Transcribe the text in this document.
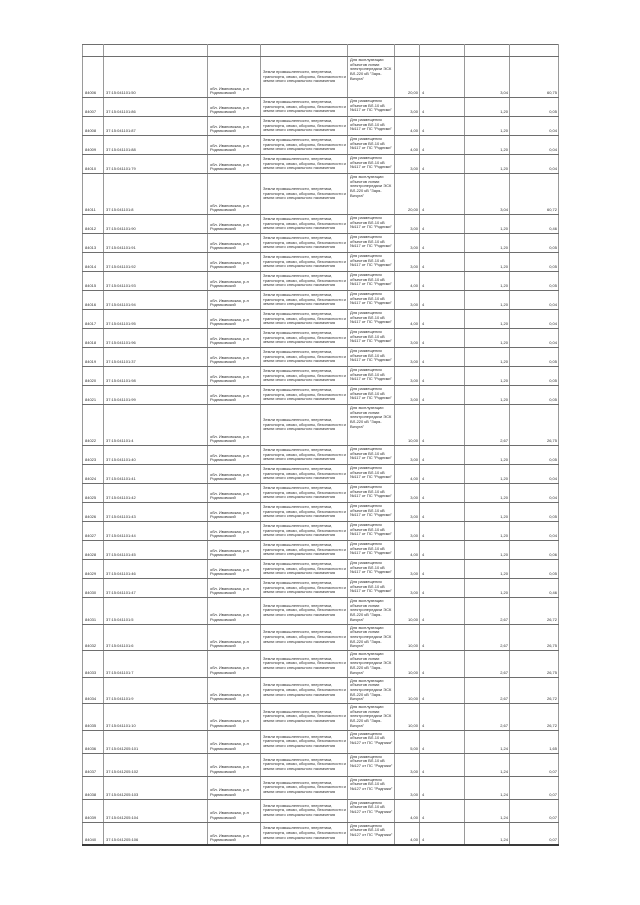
84006	37:15:041101:50	обл. Ивановская, р-н Родниковский	Земли промышленности, энергетики, транспорта, связи, обороны, безопасности и земли иного специального назначения	Для эксплуатации объектов линии электропередачи ЭСК ВЛ-220 кВ "Заря-Вичуга"	20,00	4	3,04	60,75
84007	37:15:041101:86	обл. Ивановская, р-н Родниковский	Земли промышленности, энергетики, транспорта, связи, обороны, безопасности и земли иного специального назначения	Для размещения объектов ВЛ-10 кВ №117 от ПС "Родники"	3,00	4	1,20	0,05
84008	37:15:041101:87	обл. Ивановская, р-н Родниковский	Земли промышленности, энергетики, транспорта, связи, обороны, безопасности и земли иного специального назначения	Для размещения объектов ВЛ-10 кВ №117 от ПС "Родники"	4,00	4	1,20	0,04
84009	37:15:041101:88	обл. Ивановская, р-н Родниковский	Земли промышленности, энергетики, транспорта, связи, обороны, безопасности и земли иного специального назначения	Для размещения объектов ВЛ-10 кВ №117 от ПС "Родники"	4,00	4	1,20	0,04
84010	37:15:041101:79	обл. Ивановская, р-н Родниковский	Земли промышленности, энергетики, транспорта, связи, обороны, безопасности и земли иного специального назначения	Для размещения объектов ВЛ-10 кВ №117 от ПС "Родники"	3,00	4	1,20	0,04
84011	37:15:041101:8	обл. Ивановская, р-н Родниковский	Земли промышленности, энергетики, транспорта, связи, обороны, безопасности и земли иного специального назначения	Для эксплуатации объектов линии электропередачи ЭСК ВЛ-220 кВ "Заря-Вичуга"	20,00	4	3,04	60,72
84012	37:15:041101:90	обл. Ивановская, р-н Родниковский	Земли промышленности, энергетики, транспорта, связи, обороны, безопасности и земли иного специального назначения	Для размещения объектов ВЛ-10 кВ №117 от ПС "Родники"	3,00	4	1,20	0,46
84013	37:15:041101:91	обл. Ивановская, р-н Родниковский	Земли промышленности, энергетики, транспорта, связи, обороны, безопасности и земли иного специального назначения	Для размещения объектов ВЛ-10 кВ №117 от ПС "Родники"	3,00	4	1,20	0,05
84014	37:15:041101:92	обл. Ивановская, р-н Родниковский	Земли промышленности, энергетики, транспорта, связи, обороны, безопасности и земли иного специального назначения	Для размещения объектов ВЛ-10 кВ №117 от ПС "Родники"	3,00	4	1,20	0,05
84015	37:15:041101:93	обл. Ивановская, р-н Родниковский	Земли промышленности, энергетики, транспорта, связи, обороны, безопасности и земли иного специального назначения	Для размещения объектов ВЛ-10 кВ №117 от ПС "Родники"	4,00	4	1,20	0,05
84016	37:15:041101:94	обл. Ивановская, р-н Родниковский	Земли промышленности, энергетики, транспорта, связи, обороны, безопасности и земли иного специального назначения	Для размещения объектов ВЛ-10 кВ №117 от ПС "Родники"	3,00	4	1,20	0,04
84017	37:15:041101:95	обл. Ивановская, р-н Родниковский	Земли промышленности, энергетики, транспорта, связи, обороны, безопасности и земли иного специального назначения	Для размещения объектов ВЛ-10 кВ №117 от ПС "Родники"	4,00	4	1,20	0,04
84018	37:15:041101:96	обл. Ивановская, р-н Родниковский	Земли промышленности, энергетики, транспорта, связи, обороны, безопасности и земли иного специального назначения	Для размещения объектов ВЛ-10 кВ №117 от ПС "Родники"	3,00	4	1,20	0,04
84019	37:15:041101:37	обл. Ивановская, р-н Родниковский	Земли промышленности, энергетики, транспорта, связи, обороны, безопасности и земли иного специального назначения	Для размещения объектов ВЛ-10 кВ №117 от ПС "Родники"	3,00	4	1,20	0,05
84020	37:15:041101:98	обл. Ивановская, р-н Родниковский	Земли промышленности, энергетики, транспорта, связи, обороны, безопасности и земли иного специального назначения	Для размещения объектов ВЛ-10 кВ №117 от ПС "Родники"	3,00	4	1,20	0,05
84021	37:15:041101:99	обл. Ивановская, р-н Родниковский	Земли промышленности, энергетики, транспорта, связи, обороны, безопасности и земли иного специального назначения	Для размещения объектов ВЛ-10 кВ №117 от ПС "Родники"	3,00	4	1,20	0,05
84022	37:15:041101:4	обл. Ивановская, р-н Родниковский	Земли промышленности, энергетики, транспорта, связи, обороны, безопасности и земли иного специального назначения	Для эксплуатации объектов линии электропередачи ЭСК ВЛ-220 кВ "Заря-Вичуга"	10,00	4	2,67	26,75
84023	37:15:041101:40	обл. Ивановская, р-н Родниковский	Земли промышленности, энергетики, транспорта, связи, обороны, безопасности и земли иного специального назначения	Для размещения объектов ВЛ-10 кВ №117 от ПС "Родники"	3,00	4	1,20	0,05
84024	37:15:041101:41	обл. Ивановская, р-н Родниковский	Земли промышленности, энергетики, транспорта, связи, обороны, безопасности и земли иного специального назначения	Для размещения объектов ВЛ-10 кВ №117 от ПС "Родники"	4,00	4	1,20	0,04
84025	37:15:041101:42	обл. Ивановская, р-н Родниковский	Земли промышленности, энергетики, транспорта, связи, обороны, безопасности и земли иного специального назначения	Для размещения объектов ВЛ-10 кВ №117 от ПС "Родники"	3,00	4	1,20	0,04
84026	37:15:041101:43	обл. Ивановская, р-н Родниковский	Земли промышленности, энергетики, транспорта, связи, обороны, безопасности и земли иного специального назначения	Для размещения объектов ВЛ-10 кВ №117 от ПС "Родники"	3,00	4	1,20	0,05
84027	37:15:041101:44	обл. Ивановская, р-н Родниковский	Земли промышленности, энергетики, транспорта, связи, обороны, безопасности и земли иного специального назначения	Для размещения объектов ВЛ-10 кВ №117 от ПС "Родники"	3,00	4	1,20	0,04
84028	37:15:041101:45	обл. Ивановская, р-н Родниковский	Земли промышленности, энергетики, транспорта, связи, обороны, безопасности и земли иного специального назначения	Для размещения объектов ВЛ-10 кВ №117 от ПС "Родники"	4,00	4	1,20	0,06
84029	37:15:041101:46	обл. Ивановская, р-н Родниковский	Земли промышленности, энергетики, транспорта, связи, обороны, безопасности и земли иного специального назначения	Для размещения объектов ВЛ-10 кВ №117 от ПС "Родники"	3,00	4	1,20	0,05
84030	37:15:041101:47	обл. Ивановская, р-н Родниковский	Земли промышленности, энергетики, транспорта, связи, обороны, безопасности и земли иного специального назначения	Для размещения объектов ВЛ-10 кВ №117 от ПС "Родники"	3,00	4	1,20	0,46
84031	37:15:041101:5	обл. Ивановская, р-н Родниковский	Земли промышленности, энергетики, транспорта, связи, обороны, безопасности и земли иного специального назначения	Для эксплуатации объектов линии электропередачи ЭСК ВЛ-220 кВ "Заря-Вичуга"	10,00	4	2,67	26,72
84032	37:15:041101:6	обл. Ивановская, р-н Родниковский	Земли промышленности, энергетики, транспорта, связи, обороны, безопасности и земли иного специального назначения	Для эксплуатации объектов линии электропередачи ЭСК ВЛ-220 кВ "Заря-Вичуга"	10,00	4	2,67	26,75
84033	37:15:041101:7	обл. Ивановская, р-н Родниковский	Земли промышленности, энергетики, транспорта, связи, обороны, безопасности и земли иного специального назначения	Для эксплуатации объектов линии электропередачи ЭСК ВЛ-220 кВ "Заря-Вичуга"	10,00	4	2,67	26,75
84034	37:15:041101:9	обл. Ивановская, р-н Родниковский	Земли промышленности, энергетики, транспорта, связи, обороны, безопасности и земли иного специального назначения	Для эксплуатации объектов линии электропередачи ЭСК ВЛ-220 кВ "Заря-Вичуга"	10,00	4	2,67	26,72
84035	37:15:041101:10	обл. Ивановская, р-н Родниковский	Земли промышленности, энергетики, транспорта, связи, обороны, безопасности и земли иного специального назначения	Для эксплуатации объектов линии электропередачи ЭСК ВЛ-220 кВ "Заря-Вичуга"	10,00	4	2,67	26,72
84036	37:15:041205:101	обл. Ивановская, р-н Родниковский	Земли промышленности, энергетики, транспорта, связи, обороны, безопасности и земли иного специального назначения	Для размещения объектов ВЛ-10 кВ №127 от ПС "Родники"	5,00	4	1,24	1,65
84037	37:15:041205:102	обл. Ивановская, р-н Родниковский	Земли промышленности, энергетики, транспорта, связи, обороны, безопасности и земли иного специального назначения	Для размещения объектов ВЛ-10 кВ №127 от ПС "Родники"	3,00	4	1,24	0,07
84038	37:15:041205:103	обл. Ивановская, р-н Родниковский	Земли промышленности, энергетики, транспорта, связи, обороны, безопасности и земли иного специального назначения	Для размещения объектов ВЛ-10 кВ №127 от ПС "Родники"	3,00	4	1,24	0,07
84039	37:15:041205:104	обл. Ивановская, р-н Родниковский	Земли промышленности, энергетики, транспорта, связи, обороны, безопасности и земли иного специального назначения	Для размещения объектов ВЛ-10 кВ №127 от ПС "Родники"	4,00	4	1,24	0,07
84040	37:15:041205:106	обл. Ивановская, р-н Родниковский	Земли промышленности, энергетики, транспорта, связи, обороны, безопасности и земли иного специального назначения	Для размещения объектов ВЛ-10 кВ №127 от ПС "Родники"	4,00	4	1,24	0,07
